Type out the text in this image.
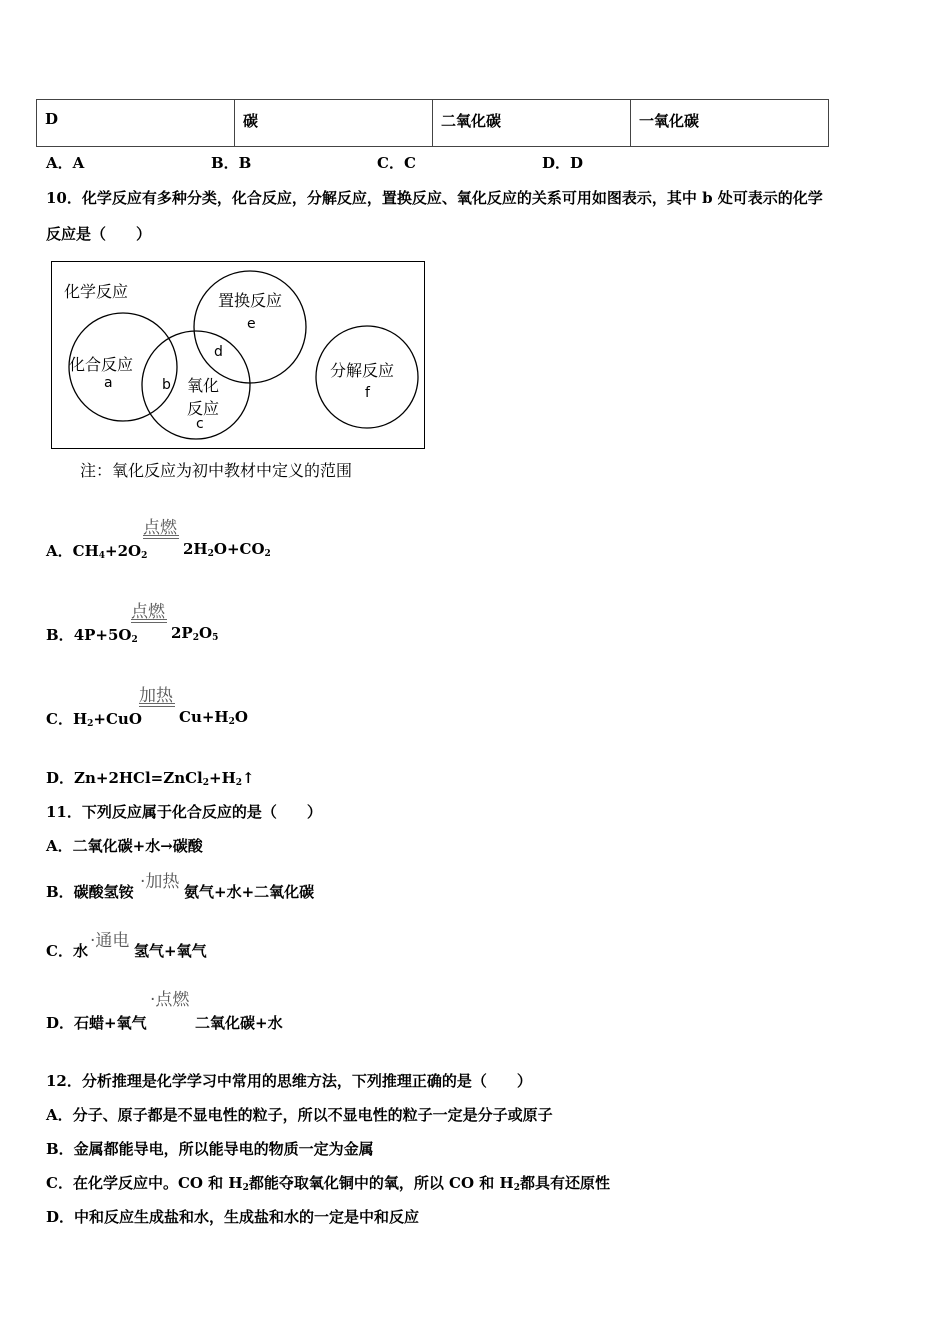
D	碳	二氧化碳	一氧化碳
A．A	B．B	C．C	D．D
10．化学反应有多种分类，化合反应，分解反应，置换反应、氧化反应的关系可用如图表示，其中 b 处可表示的化学
反应是（　　）
化学反应
化合反应
氧化
反应
置换反应
分解反应
a	b
c
d
e
f
注：氧化反应为初中教材中定义的范围
A．$CH_4+2O_2$
点燃
$2H_2O+CO_2$
B．$4P+5O_2$
点燃
$2P_2O_5$
C．$H_2+CuO$
加热
$Cu+H_2O$
D．$Zn+2HCl=ZnCl_2+H_2↑$
11．下列反应属于化合反应的是（　　）
A．二氧化碳+水→碳酸
B．碳酸氢铵 ·加热 氨气+水+二氧化碳
C．水 ·通电 氢气+氧气
D．石蜡+氧气
·点燃
二氧化碳+水
12．分析推理是化学学习中常用的思维方法，下列推理正确的是（　　）
A．分子、原子都是不显电性的粒子，所以不显电性的粒子一定是分子或原子
B．金属都能导电，所以能导电的物质一定为金属
C．在化学反应中。CO 和 $H_2$都能夺取氧化铜中的氧，所以 CO 和 $H_2$都具有还原性
D．中和反应生成盐和水，生成盐和水的一定是中和反应
